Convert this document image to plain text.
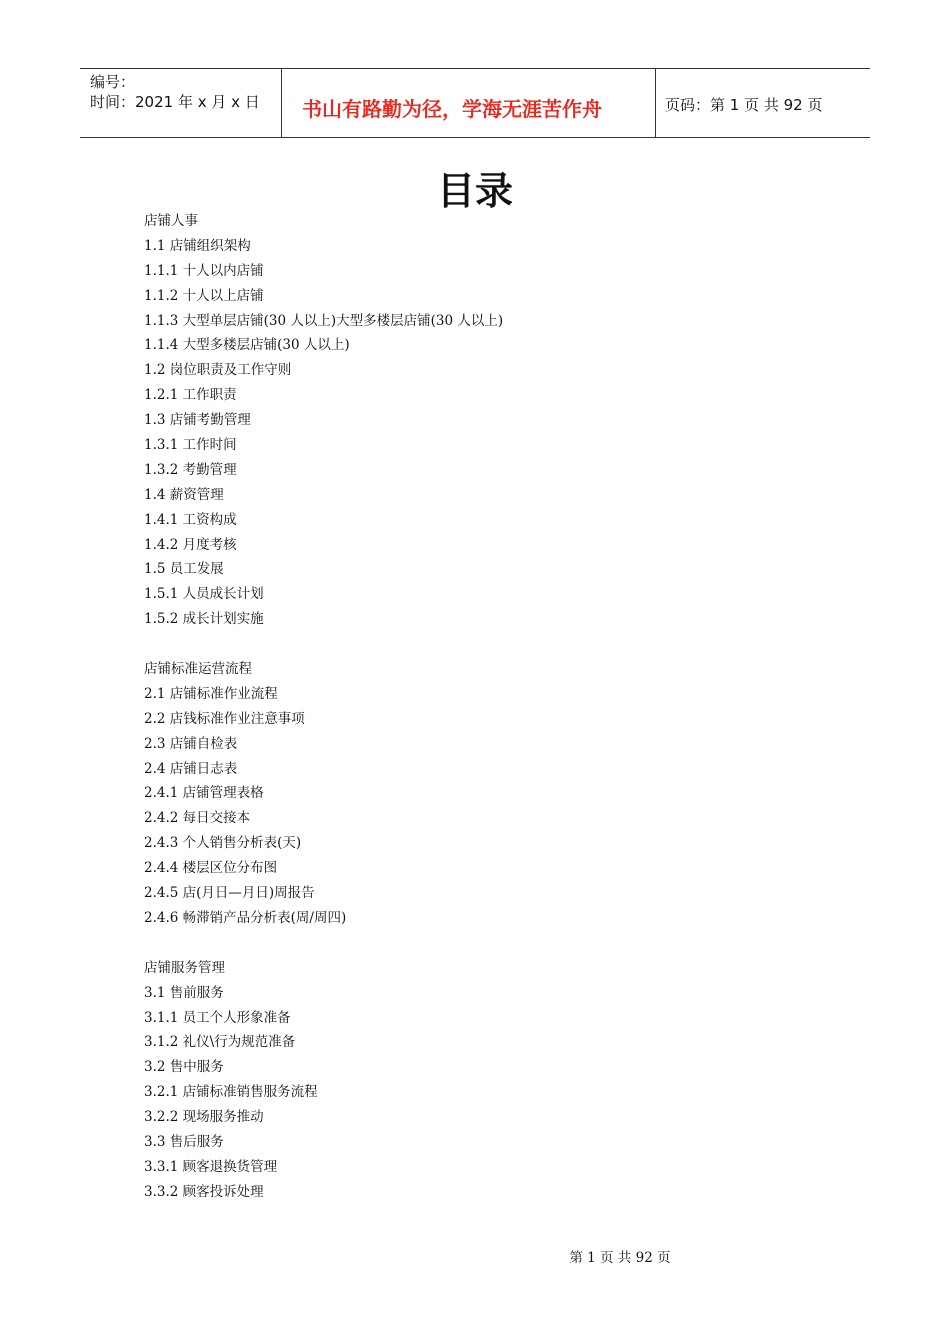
编号：
时间：2021 年 x 月 x 日 书山有路勤为径，学海无涯苦作舟	页码：第 1 页 共 92 页
目录
店铺人事
1.1 店铺组织架构
1.1.1 十人以内店铺
1.1.2 十人以上店铺
1.1.3 大型单层店铺(30 人以上)大型多楼层店铺(30 人以上)
1.1.4 大型多楼层店铺(30 人以上)
1.2 岗位职责及工作守则
1.2.1 工作职责
1.3 店铺考勤管理
1.3.1 工作时间
1.3.2 考勤管理
1.4 薪资管理
1.4.1 工资构成
1.4.2 月度考核
1.5 员工发展
1.5.1 人员成长计划
1.5.2 成长计划实施
店铺标准运营流程
2.1 店铺标准作业流程
2.2 店钱标准作业注意事项
2.3 店铺自检表
2.4 店铺日志表
2.4.1 店铺管理表格
2.4.2 每日交接本
2.4.3 个人销售分析表(天)
2.4.4 楼层区位分布图
2.4.5 店(月日—月日)周报告
2.4.6 畅滞销产品分析表(周/周四)
店铺服务管理
3.1 售前服务
3.1.1 员工个人形象准备
3.1.2 礼仪\行为规范准备
3.2 售中服务
3.2.1 店铺标准销售服务流程
3.2.2 现场服务推动
3.3 售后服务
3.3.1 顾客退换货管理
3.3.2 顾客投诉处理
第 1 页 共 92 页
